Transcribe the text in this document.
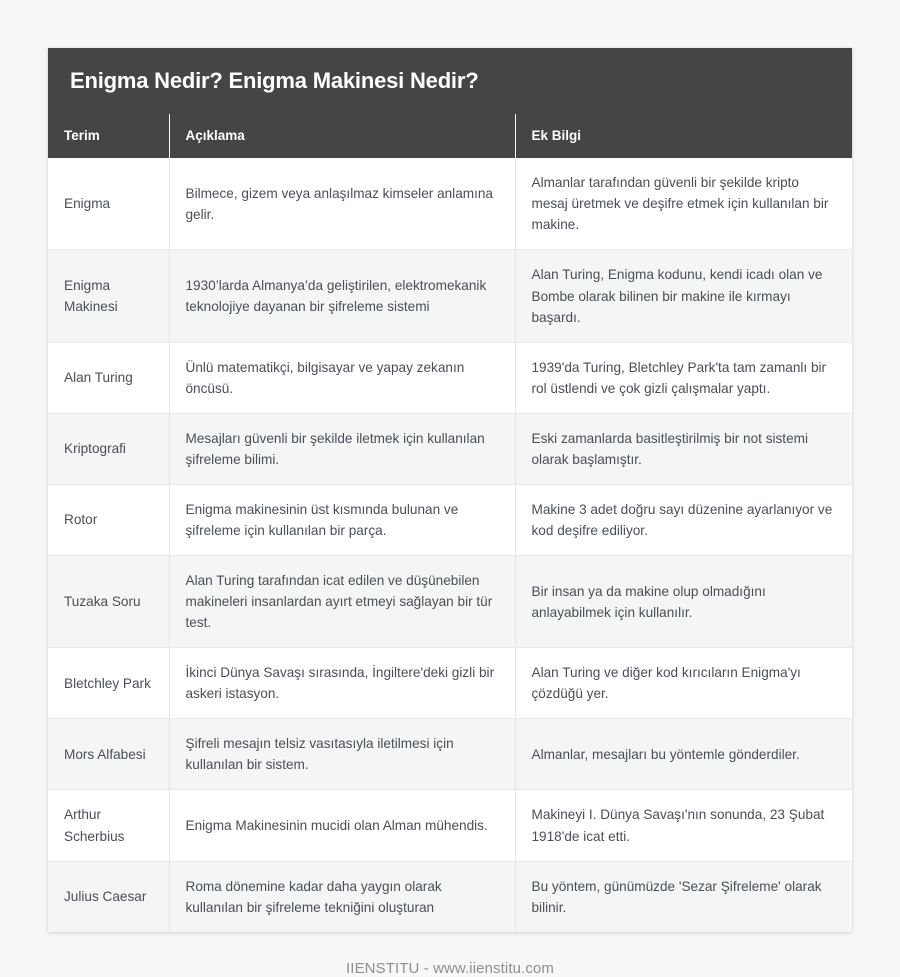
Enigma Nedir? Enigma Makinesi Nedir?
Terim	Açıklama	Ek Bilgi
Enigma	Bilmece, gizem veya anlaşılmaz kimseler anlamına gelir.	Almanlar tarafından güvenli bir şekilde kripto mesaj üretmek ve deşifre etmek için kullanılan bir makine.
Enigma Makinesi	1930’larda Almanya’da geliştirilen, elektromekanik teknolojiye dayanan bir şifreleme sistemi	Alan Turing, Enigma kodunu, kendi icadı olan ve Bombe olarak bilinen bir makine ile kırmayı başardı.
Alan Turing	Ünlü matematikçi, bilgisayar ve yapay zekanın öncüsü.	1939'da Turing, Bletchley Park'ta tam zamanlı bir rol üstlendi ve çok gizli çalışmalar yaptı.
Kriptografi	Mesajları güvenli bir şekilde iletmek için kullanılan şifreleme bilimi.	Eski zamanlarda basitleştirilmiş bir not sistemi olarak başlamıştır.
Rotor	Enigma makinesinin üst kısmında bulunan ve şifreleme için kullanılan bir parça.	Makine 3 adet doğru sayı düzenine ayarlanıyor ve kod deşifre ediliyor.
Tuzaka Soru	Alan Turing tarafından icat edilen ve düşünebilen makineleri insanlardan ayırt etmeyi sağlayan bir tür test.	Bir insan ya da makine olup olmadığını anlayabilmek için kullanılır.
Bletchley Park	İkinci Dünya Savaşı sırasında, İngiltere'deki gizli bir askeri istasyon.	Alan Turing ve diğer kod kırıcıların Enigma'yı çözdüğü yer.
Mors Alfabesi	Şifreli mesajın telsiz vasıtasıyla iletilmesi için kullanılan bir sistem.	Almanlar, mesajları bu yöntemle gönderdiler.
Arthur Scherbius	Enigma Makinesinin mucidi olan Alman mühendis.	Makineyi I. Dünya Savaşı'nın sonunda, 23 Şubat 1918'de icat etti.
Julius Caesar	Roma dönemine kadar daha yaygın olarak kullanılan bir şifreleme tekniğini oluşturan	Bu yöntem, günümüzde 'Sezar Şifreleme' olarak bilinir.
IIENSTITU - www.iienstitu.com
